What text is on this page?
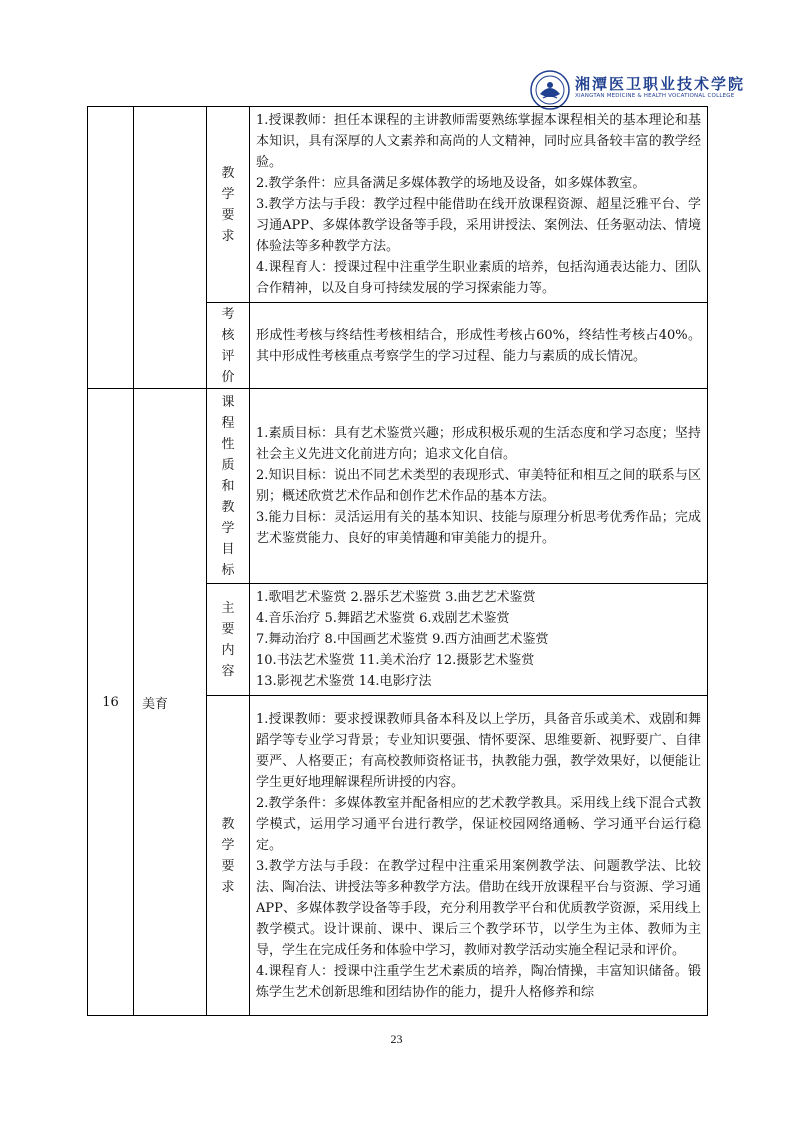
湘潭医卫职业技术学院
XIANGTAN MEDICINE & HEALTH VOCATIONAL COLLEGE

		教学要求	1.授课教师：担任本课程的主讲教师需要熟练掌握本课程相关的基本理论和基本知识，具有深厚的人文素养和高尚的人文精神，同时应具备较丰富的教学经验。

2.教学条件：应具备满足多媒体教学的场地及设备，如多媒体教室。

3.教学方法与手段：教学过程中能借助在线开放课程资源、超星泛雅平台、学习通APP、多媒体教学设备等手段，采用讲授法、案例法、任务驱动法、情境体验法等多种教学方法。

4.课程育人：授课过程中注重学生职业素质的培养，包括沟通表达能力、团队合作精神，以及自身可持续发展的学习探索能力等。

		考核评价	形成性考核与终结性考核相结合，形成性考核占60%，终结性考核占40%。其中形成性考核重点考察学生的学习过程、能力与素质的成长情况。

16	美育	课程性质和教学目标	1.素质目标：具有艺术鉴赏兴趣；形成积极乐观的生活态度和学习态度；坚持社会主义先进文化前进方向；追求文化自信。

2.知识目标：说出不同艺术类型的表现形式、审美特征和相互之间的联系与区别；概述欣赏艺术作品和创作艺术作品的基本方法。

3.能力目标：灵活运用有关的基本知识、技能与原理分析思考优秀作品；完成艺术鉴赏能力、良好的审美情趣和审美能力的提升。

		主要内容	1.歌唱艺术鉴赏 2.器乐艺术鉴赏 3.曲艺艺术鉴赏

4.音乐治疗 5.舞蹈艺术鉴赏 6.戏剧艺术鉴赏

7.舞动治疗 8.中国画艺术鉴赏 9.西方油画艺术鉴赏

10.书法艺术鉴赏 11.美术治疗 12.摄影艺术鉴赏

13.影视艺术鉴赏 14.电影疗法

		教学要求	1.授课教师：要求授课教师具备本科及以上学历，具备音乐或美术、戏剧和舞蹈学等专业学习背景；专业知识要强、情怀要深、思维要新、视野要广、自律要严、人格要正；有高校教师资格证书，执教能力强，教学效果好，以便能让学生更好地理解课程所讲授的内容。

2.教学条件：多媒体教室并配备相应的艺术教学教具。采用线上线下混合式教学模式，运用学习通平台进行教学，保证校园网络通畅、学习通平台运行稳定。

3.教学方法与手段：在教学过程中注重采用案例教学法、问题教学法、比较法、陶冶法、讲授法等多种教学方法。借助在线开放课程平台与资源、学习通APP、多媒体教学设备等手段，充分利用教学平台和优质教学资源，采用线上教学模式。设计课前、课中、课后三个教学环节，以学生为主体、教师为主导，学生在完成任务和体验中学习，教师对教学活动实施全程记录和评价。

4.课程育人：授课中注重学生艺术素质的培养，陶冶情操，丰富知识储备。锻炼学生艺术创新思维和团结协作的能力，提升人格修养和综

23
